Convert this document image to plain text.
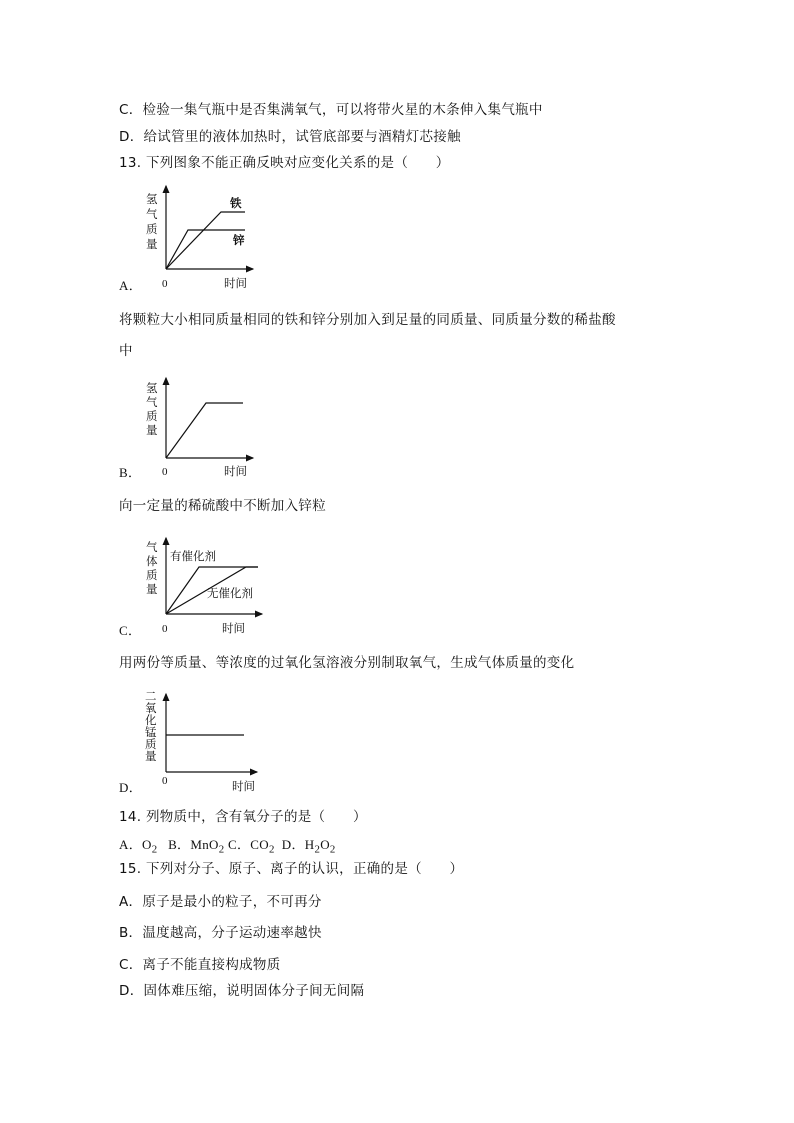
C．检验一集气瓶中是否集满氧气，可以将带火星的木条伸入集气瓶中
D．给试管里的液体加热时，试管底部要与酒精灯芯接触
13. 下列图象不能正确反映对应变化关系的是（　　）
氢
气
质
量
0	时间
铁
锌
氢
气
质
量
0	时间
气
体
质
量
0	时间
有催化剂
无催化剂
二
氧
化
锰
质
量
0	时间
A．
将颗粒大小相同质量相同的铁和锌分别加入到足量的同质量、同质量分数的稀盐酸
中
B．
向一定量的稀硫酸中不断加入锌粒
C．
用两份等质量、等浓度的过氧化氢溶液分别制取氧气，生成气体质量的变化
D．
14. 列物质中，含有氧分子的是（　　）
A．$O_2$ B．MnO$_2$ C．$CO_2$ D．$H_2O_2$
15. 下列对分子、原子、离子的认识，正确的是（　　）
A．原子是最小的粒子，不可再分
B．温度越高，分子运动速率越快
C．离子不能直接构成物质
D．固体难压缩，说明固体分子间无间隔
